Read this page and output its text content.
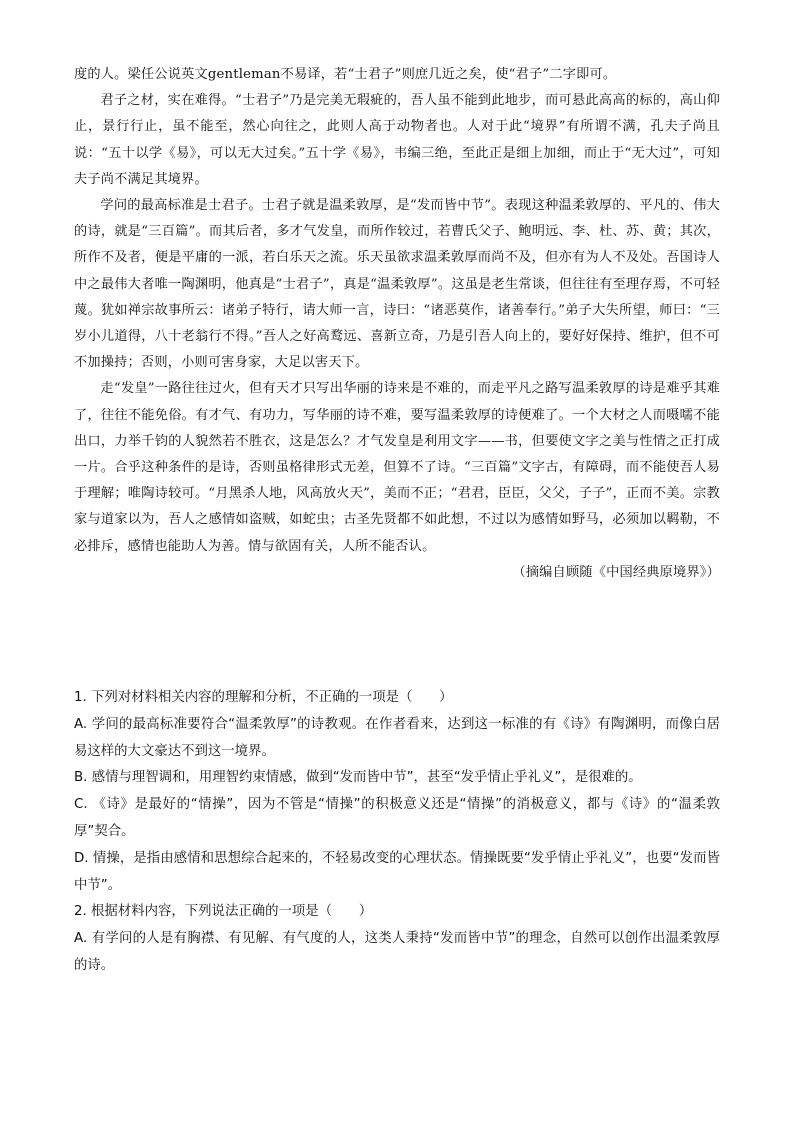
度的人。梁任公说英文gentleman不易译，若“士君子”则庶几近之矣，使“君子”二字即可。

君子之材，实在难得。“士君子”乃是完美无瑕疵的，吾人虽不能到此地步，而可悬此高高的标的，高山仰止，景行行止，虽不能至，然心向往之，此则人高于动物者也。人对于此“境界”有所谓不满，孔夫子尚且说：“五十以学《易》，可以无大过矣。”五十学《易》，韦编三绝，至此正是细上加细，而止于“无大过”，可知夫子尚不满足其境界。

学问的最高标准是士君子。士君子就是温柔敦厚，是“发而皆中节”。表现这种温柔敦厚的、平凡的、伟大的诗，就是“三百篇”。而其后者，多才气发皇，而所作较过，若曹氏父子、鲍明远、李、杜、苏、黄；其次，所作不及者，便是平庸的一派，若白乐天之流。乐天虽欲求温柔敦厚而尚不及，但亦有为人不及处。吾国诗人中之最伟大者唯一陶渊明，他真是“士君子”，真是“温柔敦厚”。这虽是老生常谈，但往往有至理存焉，不可轻蔑。犹如禅宗故事所云：诸弟子特行，请大师一言，诗曰：“诸恶莫作，诸善奉行。”弟子大失所望，师曰：“三岁小儿道得，八十老翁行不得。”吾人之好高鹜远、喜新立奇，乃是引吾人向上的，要好好保持、维护，但不可不加操持；否则，小则可害身家，大足以害天下。

走“发皇”一路往往过火，但有天才只写出华丽的诗来是不难的，而走平凡之路写温柔敦厚的诗是难乎其难了，往往不能免俗。有才气、有功力，写华丽的诗不难，要写温柔敦厚的诗便难了。一个大材之人而嗫嚅不能出口，力举千钧的人貌然若不胜衣，这是怎么？才气发皇是利用文字——书，但要使文字之美与性情之正打成一片。合乎这种条件的是诗，否则虽格律形式无差，但算不了诗。“三百篇”文字古，有障碍，而不能使吾人易于理解；唯陶诗较可。“月黑杀人地，风高放火天”，美而不正；“君君，臣臣，父父，子子”，正而不美。宗教家与道家以为，吾人之感情如盗贼，如蛇虫；古圣先贤都不如此想，不过以为感情如野马，必须加以羁勒，不必排斥，感情也能助人为善。情与欲固有关，人所不能否认。

（摘编自顾随《中国经典原境界》）

1. 下列对材料相关内容的理解和分析，不正确的一项是（　　）

A. 学问的最高标准要符合“温柔敦厚”的诗教观。在作者看来，达到这一标准的有《诗》有陶渊明，而像白居易这样的大文豪达不到这一境界。

B. 感情与理智调和，用理智约束情感，做到“发而皆中节”，甚至“发乎情止乎礼义”，是很难的。

C. 《诗》是最好的“情操”，因为不管是“情操”的积极意义还是“情操”的消极意义，都与《诗》的“温柔敦厚”契合。

D. 情操，是指由感情和思想综合起来的，不轻易改变的心理状态。情操既要“发乎情止乎礼义”，也要“发而皆中节”。

2. 根据材料内容，下列说法正确的一项是（　　）

A. 有学问的人是有胸襟、有见解、有气度的人，这类人秉持“发而皆中节”的理念，自然可以创作出温柔敦厚的诗。
